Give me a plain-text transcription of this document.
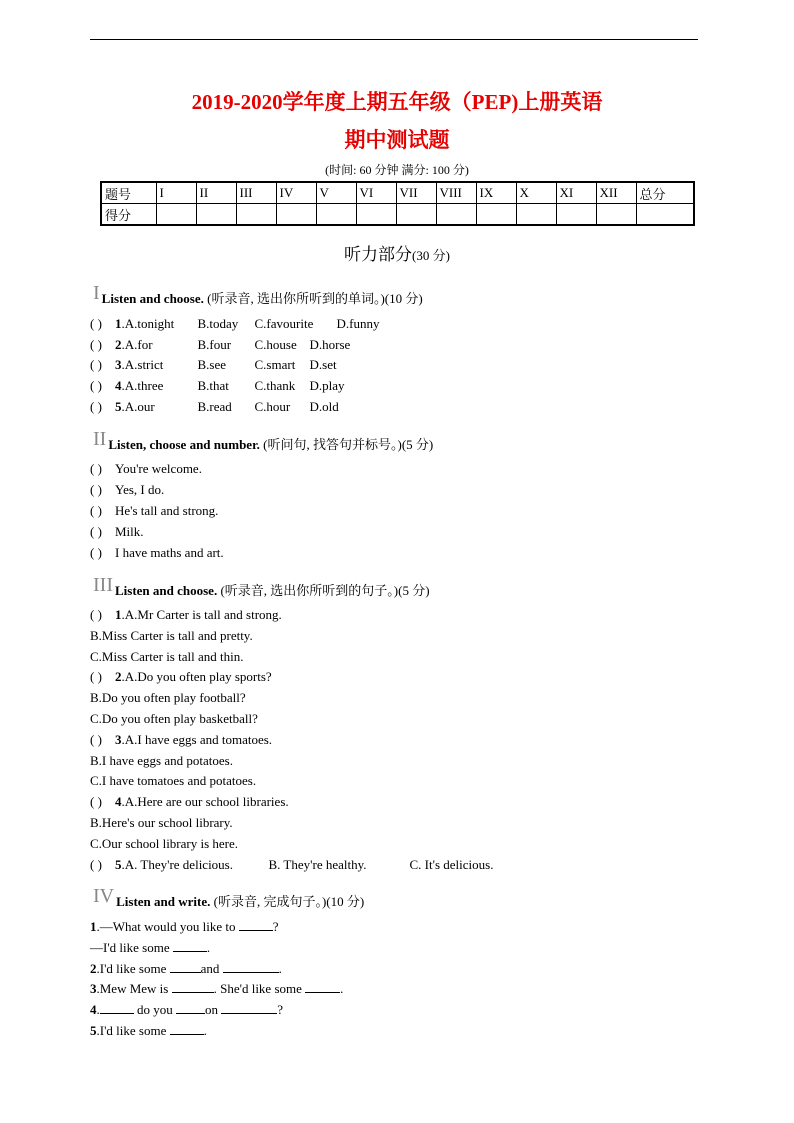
2019-2020学年度上期五年级（PEP)上册英语
期中测试题
(时间: 60 分钟 满分: 100 分)
题号	I	II	III	IV	V	VI	VII	VIII	IX	X	XI	XII	总分
得分													
听力部分(30 分)
I Listen and choose. (听录音, 选出你所听到的单词。)(10 分)
( ) 1.A.tonight B.today C.favourite D.funny
( ) 2.A.for	B.four C.house D.horse
( ) 3.A.strict	B.see C.smart D.set
( ) 4.A.three	B.that C.thank D.play
( ) 5.A.our	B.read C.hour D.old
II Listen, choose and number. (听问句, 找答句并标号。)(5 分)
( ) You're welcome.
( ) Yes, I do.
( ) He's tall and strong.
( ) Milk.
( ) I have maths and art.
III Listen and choose. (听录音, 选出你所听到的句子。)(5 分)
( ) 1.A.Mr Carter is tall and strong.
B.Miss Carter is tall and pretty.
C.Miss Carter is tall and thin.
( ) 2.A.Do you often play sports?
B.Do you often play football?
C.Do you often play basketball?
( ) 3.A.I have eggs and tomatoes.
B.I have eggs and potatoes.
C.I have tomatoes and potatoes.
( ) 4.A.Here are our school libraries.
B.Here's our school library.
C.Our school library is here.
( ) 5.A. They're delicious.	B. They're healthy.	C. It's delicious.
IV Listen and write. (听录音, 完成句子。)(10 分)
1.—What would you like to	?
—I'd like some	.
2.I'd like some	and	.
3.Mew Mew is	. She'd like some	.
4.	do you on	?
5.I'd like some	.
